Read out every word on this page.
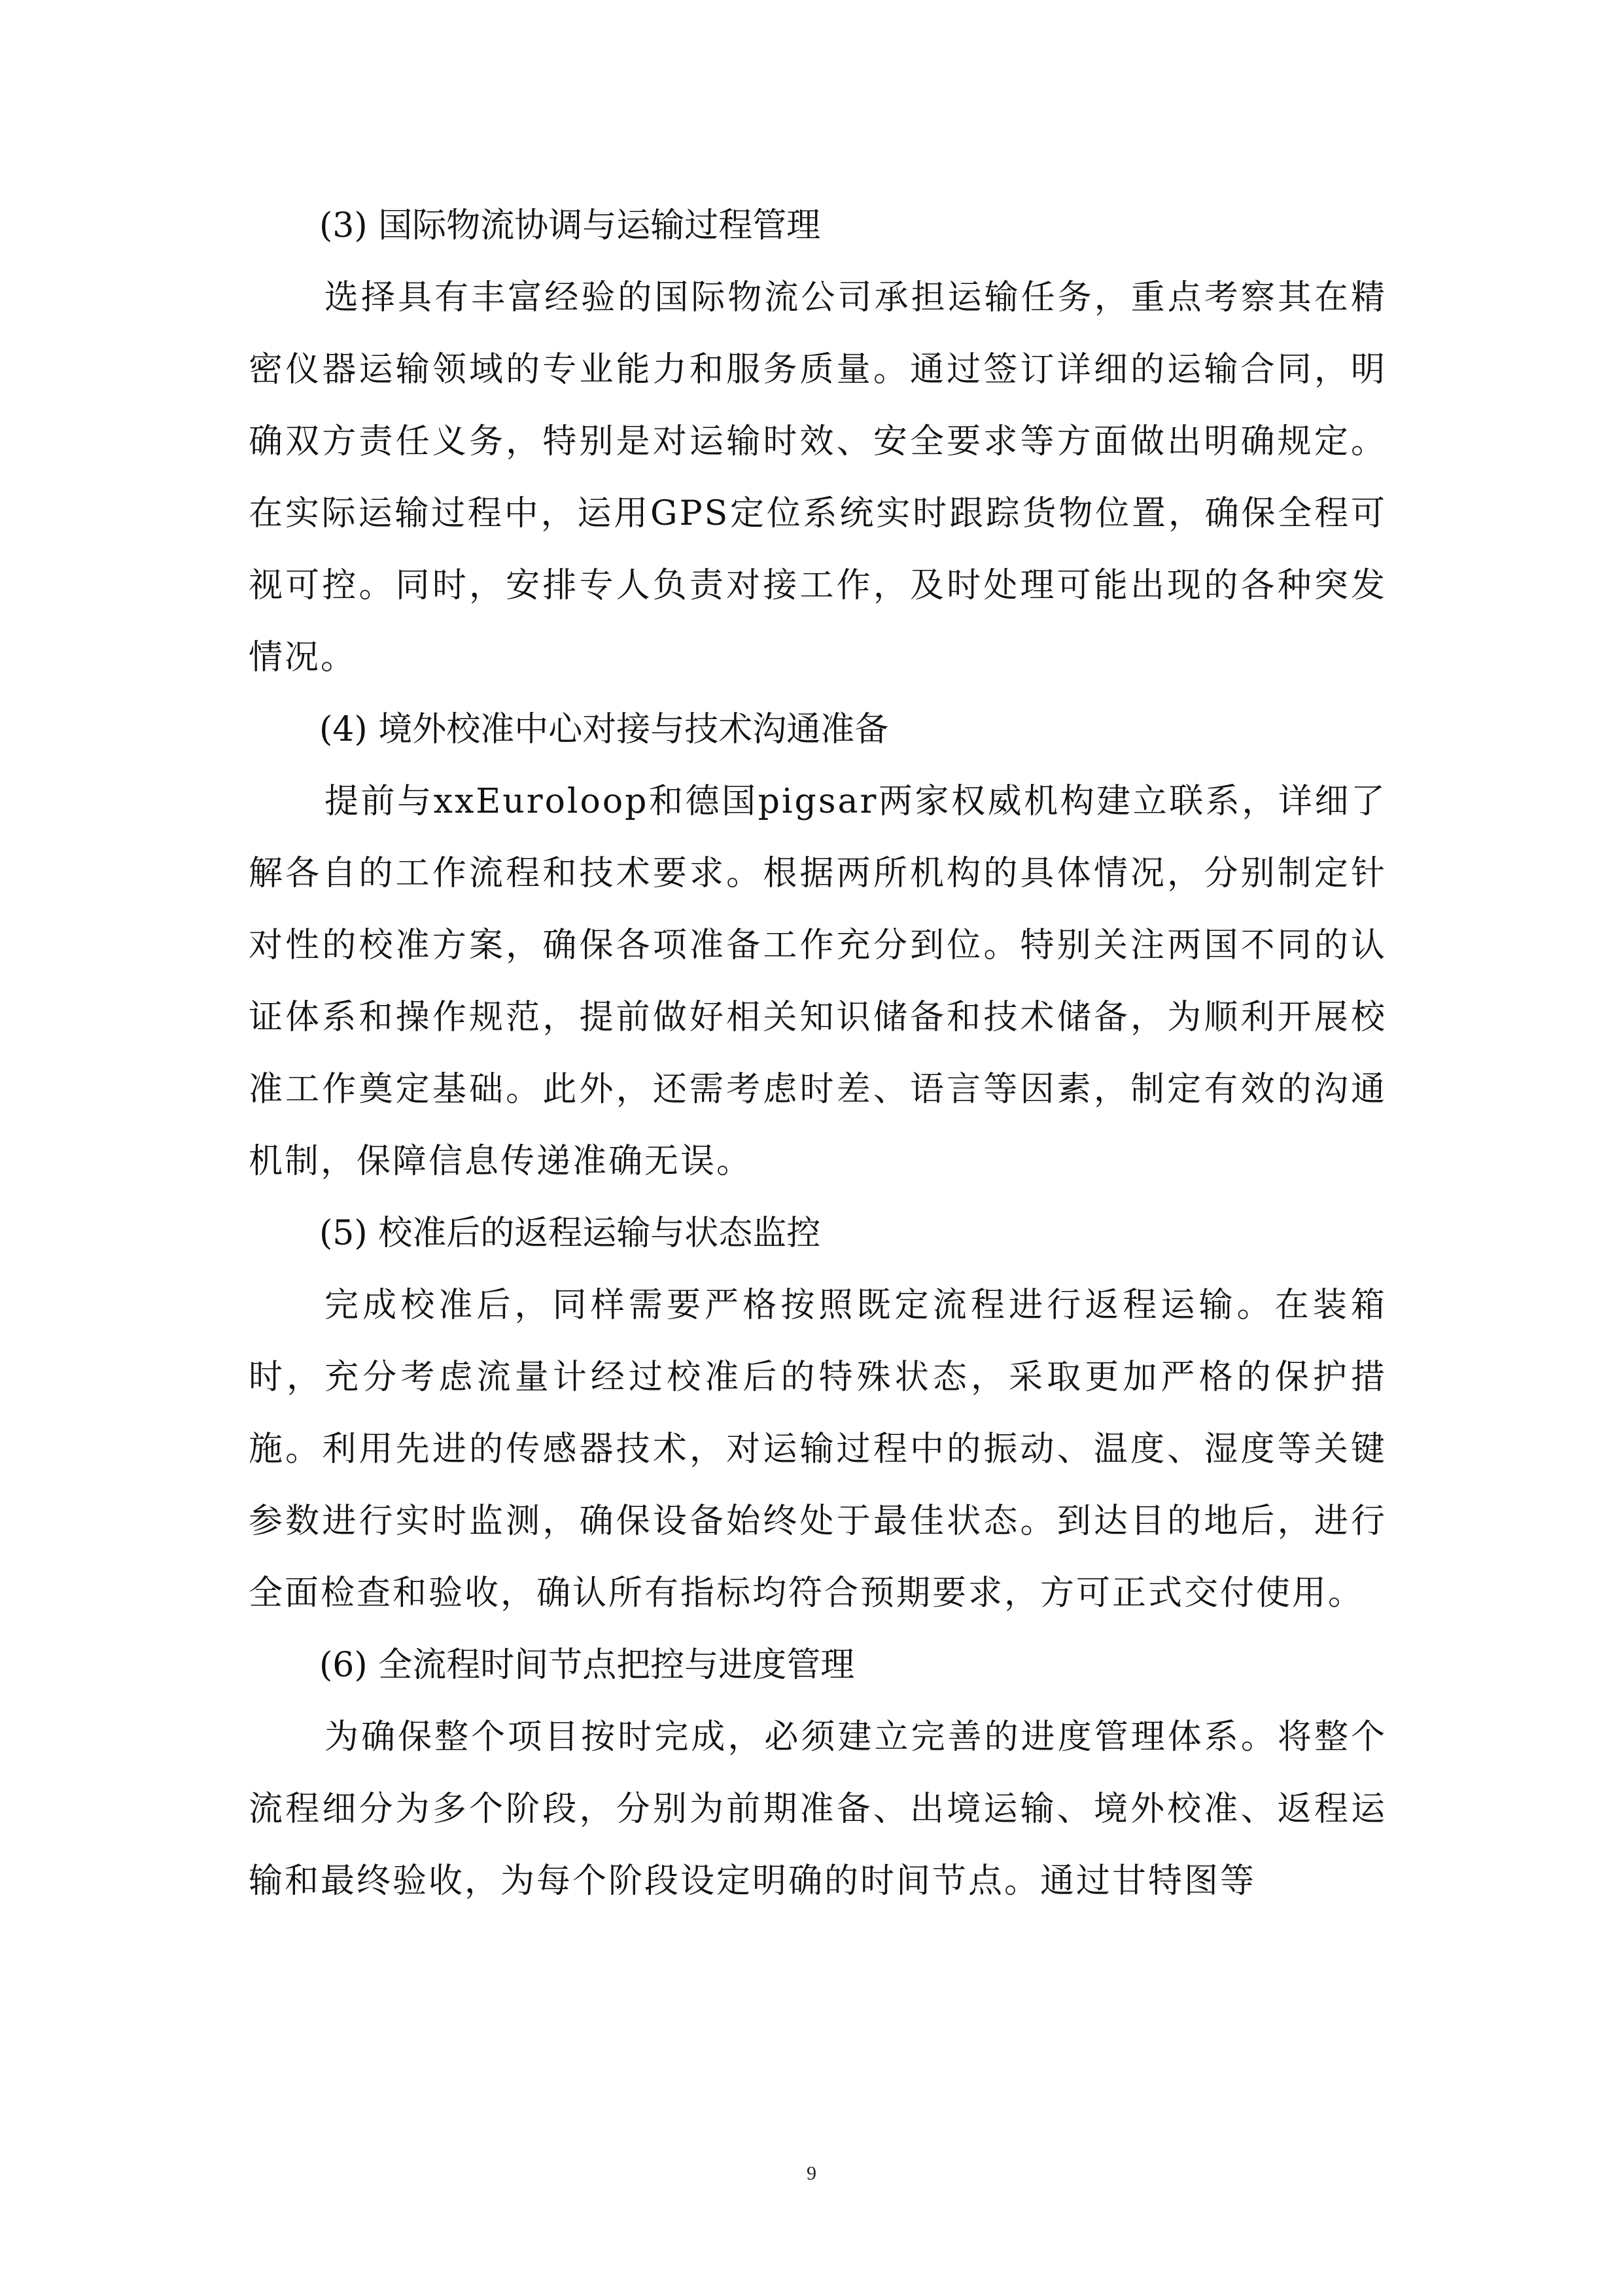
(3) 国际物流协调与运输过程管理

选择具有丰富经验的国际物流公司承担运输任务，重点考察其在精密仪器运输领域的专业能力和服务质量。通过签订详细的运输合同，明确双方责任义务，特别是对运输时效、安全要求等方面做出明确规定。在实际运输过程中，运用GPS定位系统实时跟踪货物位置，确保全程可视可控。同时，安排专人负责对接工作，及时处理可能出现的各种突发情况。

(4) 境外校准中心对接与技术沟通准备

提前与xxEuroloop和德国pigsar两家权威机构建立联系，详细了解各自的工作流程和技术要求。根据两所机构的具体情况，分别制定针对性的校准方案，确保各项准备工作充分到位。特别关注两国不同的认证体系和操作规范，提前做好相关知识储备和技术储备，为顺利开展校准工作奠定基础。此外，还需考虑时差、语言等因素，制定有效的沟通机制，保障信息传递准确无误。

(5) 校准后的返程运输与状态监控

完成校准后，同样需要严格按照既定流程进行返程运输。在装箱时，充分考虑流量计经过校准后的特殊状态，采取更加严格的保护措施。利用先进的传感器技术，对运输过程中的振动、温度、湿度等关键参数进行实时监测，确保设备始终处于最佳状态。到达目的地后，进行全面检查和验收，确认所有指标均符合预期要求，方可正式交付使用。

(6) 全流程时间节点把控与进度管理

为确保整个项目按时完成，必须建立完善的进度管理体系。将整个流程细分为多个阶段，分别为前期准备、出境运输、境外校准、返程运输和最终验收，为每个阶段设定明确的时间节点。通过甘特图等

9
